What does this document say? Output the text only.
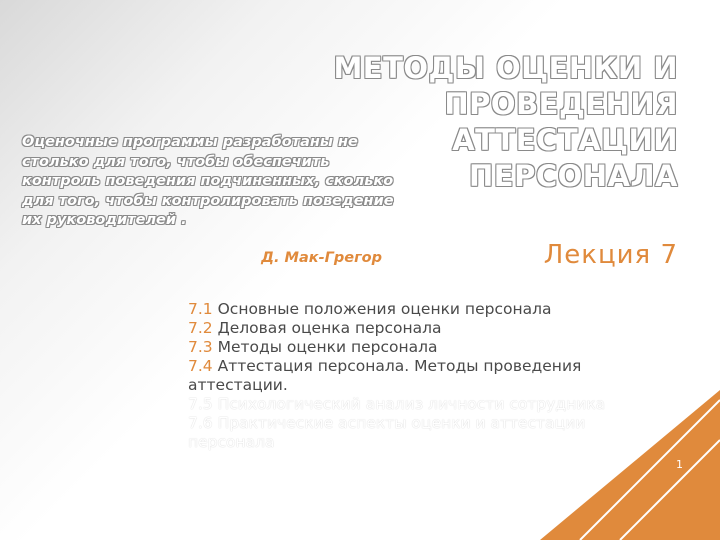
МЕТОДЫ ОЦЕНКИ И
ПРОВЕДЕНИЯ АТТЕСТАЦИИ
ПЕРСОНАЛА

Оценочные программы разработаны не столько для того, чтобы обеспечить контроль поведения подчиненных, сколько для того, чтобы контролировать поведение их руководителей .

Д. Мак-Грегор	Лекция 7
7.1 Основные положения оценки персонала
7.2 Деловая оценка персонала
7.3 Методы оценки персонала
7.4 Аттестация персонала. Методы проведения аттестации.
7.5 Психологический анализ личности сотрудника
7.6 Практические аспекты оценки и аттестации персонала
1
